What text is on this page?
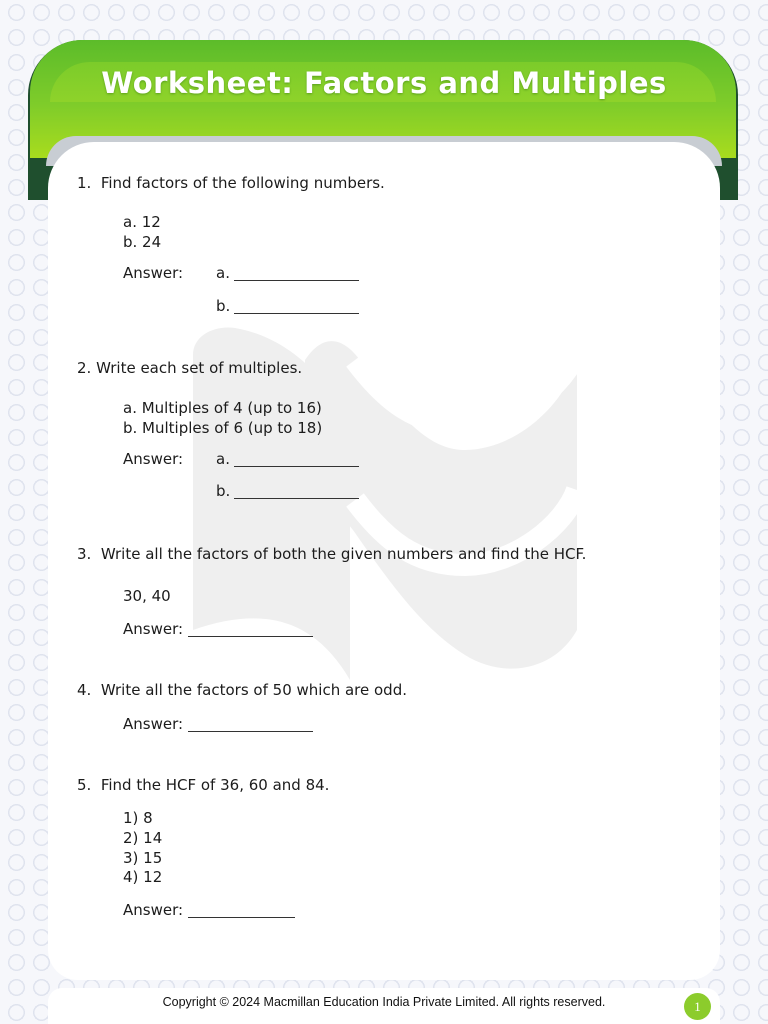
Worksheet: Factors and Multiples
1.  Find factors of the following numbers.
a. 12
b. 24
Answer: a.
b.
2. Write each set of multiples.
a. Multiples of 4 (up to 16)
b. Multiples of 6 (up to 18)
Answer: a.
b.
3.  Write all the factors of both the given numbers and find the HCF.
30, 40
Answer:
4.  Write all the factors of 50 which are odd.
Answer:
5.  Find the HCF of 36, 60 and 84.
1) 8
2) 14
3) 15
4) 12
Answer:
Copyright © 2024 Macmillan Education India Private Limited. All rights reserved.	1
